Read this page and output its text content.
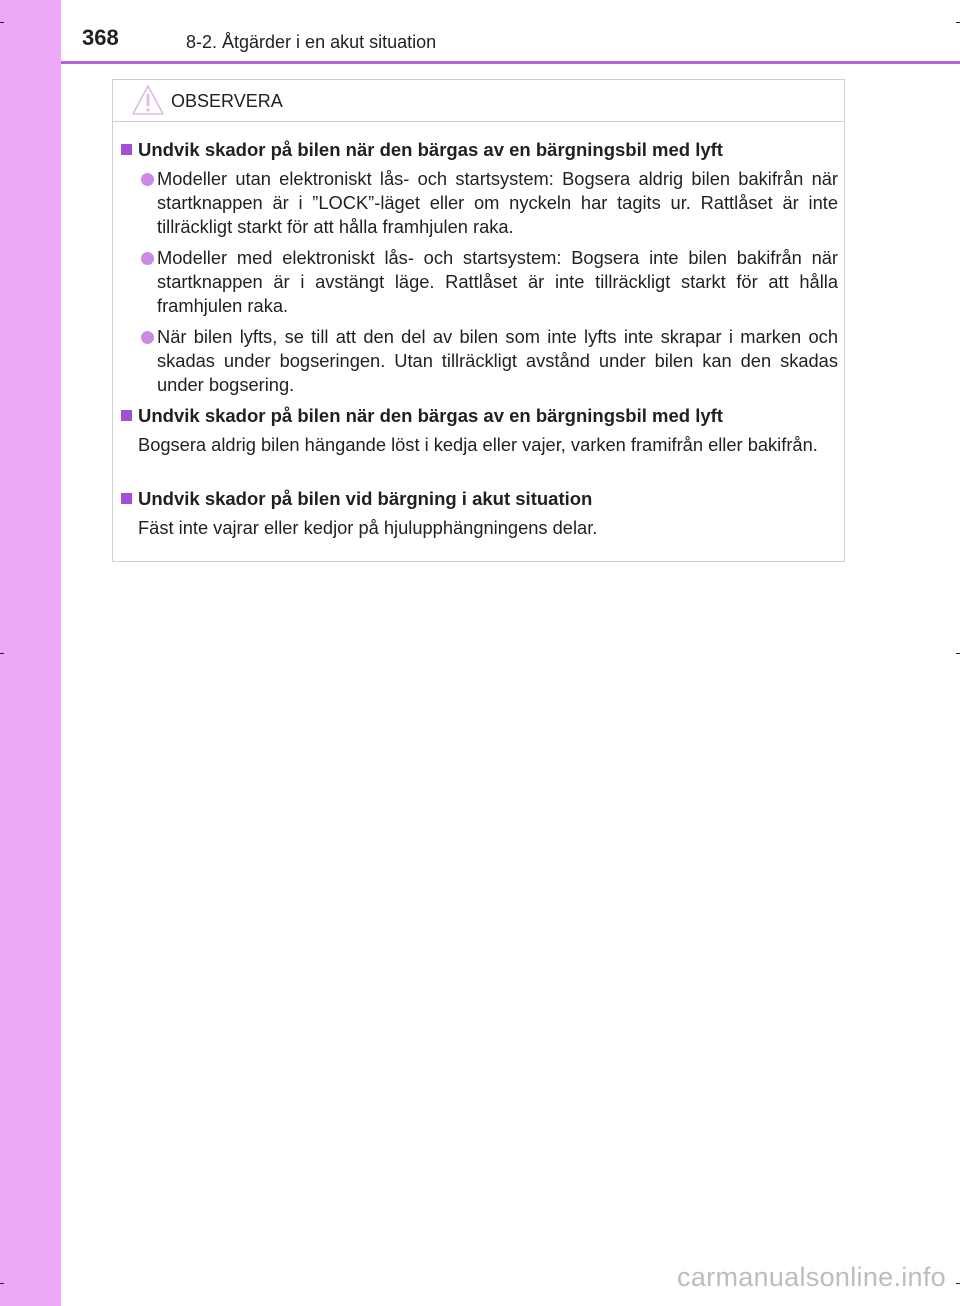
368	8-2. Åtgärder i en akut situation
OBSERVERA
Undvik skador på bilen när den bärgas av en bärgningsbil med lyft
Modeller utan elektroniskt lås- och startsystem: Bogsera aldrig bilen bakifrån när startknappen är i ”LOCK”-läget eller om nyckeln har tagits ur. Rattlåset är inte tillräckligt starkt för att hålla framhjulen raka.
Modeller med elektroniskt lås- och startsystem: Bogsera inte bilen bakifrån när startknappen är i avstängt läge. Rattlåset är inte tillräckligt starkt för att hålla framhjulen raka.
När bilen lyfts, se till att den del av bilen som inte lyfts inte skrapar i marken och skadas under bogseringen. Utan tillräckligt avstånd under bilen kan den skadas under bogsering.
Undvik skador på bilen när den bärgas av en bärgningsbil med lyft
Bogsera aldrig bilen hängande löst i kedja eller vajer, varken framifrån eller bakifrån.
Undvik skador på bilen vid bärgning i akut situation
Fäst inte vajrar eller kedjor på hjulupphängningens delar.
carmanualsonline.info
